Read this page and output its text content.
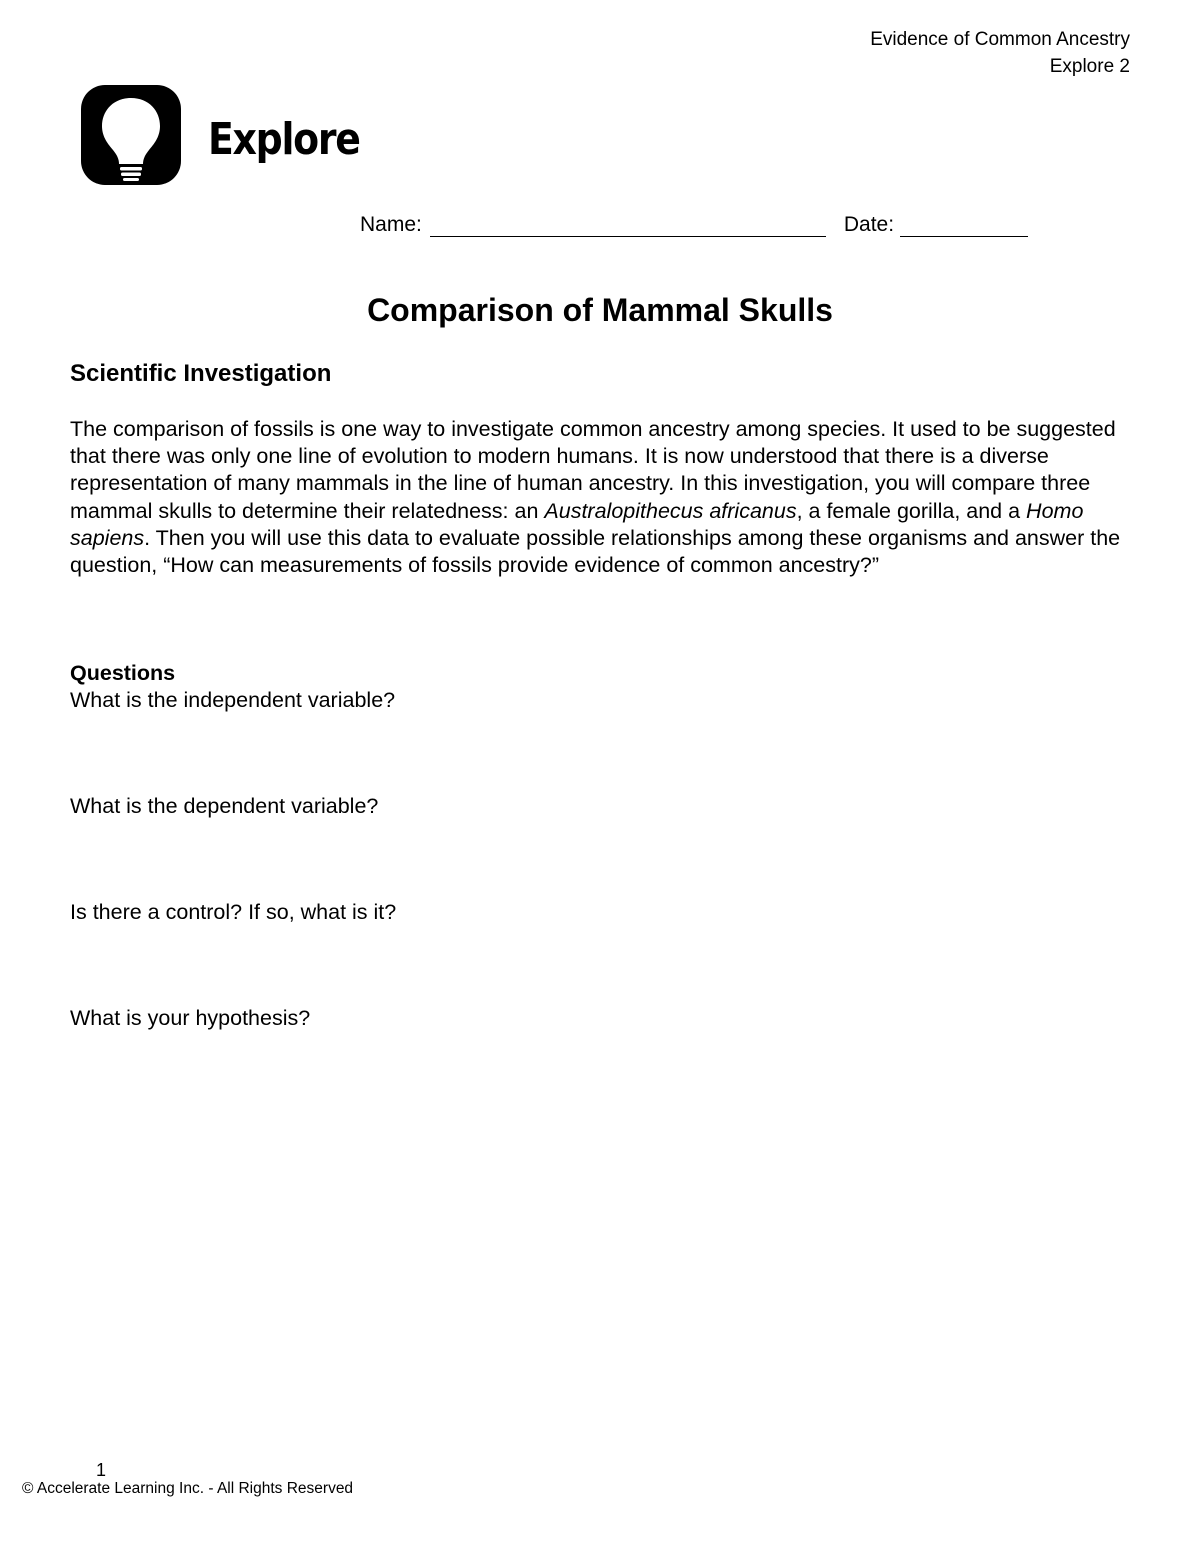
Evidence of Common Ancestry
Explore 2
Explore
Name:	Date:
Comparison of Mammal Skulls
Scientific Investigation

The comparison of fossils is one way to investigate common ancestry among species. It used to be suggested that there was only one line of evolution to modern humans. It is now understood that there is a diverse representation of many mammals in the line of human ancestry. In this investigation, you will compare three mammal skulls to determine their relatedness: an Australopithecus africanus, a female gorilla, and a Homo sapiens. Then you will use this data to evaluate possible relationships among these organisms and answer the question, “How can measurements of fossils provide evidence of common ancestry?”

Questions

What is the independent variable?

What is the dependent variable?

Is there a control? If so, what is it?

What is your hypothesis?

1
© Accelerate Learning Inc. - All Rights Reserved
